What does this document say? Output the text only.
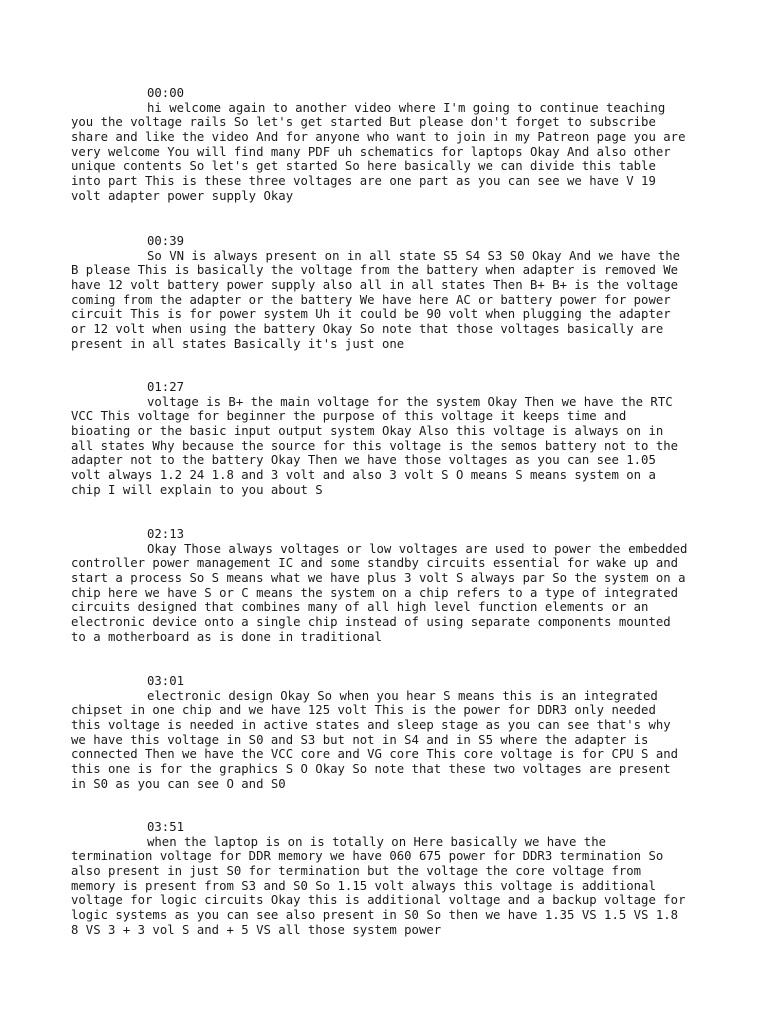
00:00
hi welcome again to another video where I'm going to continue teaching
you the voltage rails So let's get started But please don't forget to subscribe
share and like the video And for anyone who want to join in my Patreon page you are
very welcome You will find many PDF uh schematics for laptops Okay And also other
unique contents So let's get started So here basically we can divide this table
into part This is these three voltages are one part as you can see we have V 19
volt adapter power supply Okay
00:39
So VN is always present on in all state S5 S4 S3 S0 Okay And we have the
B please This is basically the voltage from the battery when adapter is removed We
have 12 volt battery power supply also all in all states Then B+ B+ is the voltage
coming from the adapter or the battery We have here AC or battery power for power
circuit This is for power system Uh it could be 90 volt when plugging the adapter
or 12 volt when using the battery Okay So note that those voltages basically are
present in all states Basically it's just one
01:27
voltage is B+ the main voltage for the system Okay Then we have the RTC
VCC This voltage for beginner the purpose of this voltage it keeps time and
bioating or the basic input output system Okay Also this voltage is always on in
all states Why because the source for this voltage is the semos battery not to the
adapter not to the battery Okay Then we have those voltages as you can see 1.05
volt always 1.2 24 1.8 and 3 volt and also 3 volt S O means S means system on a
chip I will explain to you about S
02:13
Okay Those always voltages or low voltages are used to power the embedded
controller power management IC and some standby circuits essential for wake up and
start a process So S means what we have plus 3 volt S always par So the system on a
chip here we have S or C means the system on a chip refers to a type of integrated
circuits designed that combines many of all high level function elements or an
electronic device onto a single chip instead of using separate components mounted
to a motherboard as is done in traditional
03:01
electronic design Okay So when you hear S means this is an integrated
chipset in one chip and we have 125 volt This is the power for DDR3 only needed
this voltage is needed in active states and sleep stage as you can see that's why
we have this voltage in S0 and S3 but not in S4 and in S5 where the adapter is
connected Then we have the VCC core and VG core This core voltage is for CPU S and
this one is for the graphics S O Okay So note that these two voltages are present
in S0 as you can see O and S0
03:51
when the laptop is on is totally on Here basically we have the
termination voltage for DDR memory we have 060 675 power for DDR3 termination So
also present in just S0 for termination but the voltage the core voltage from
memory is present from S3 and S0 So 1.15 volt always this voltage is additional
voltage for logic circuits Okay this is additional voltage and a backup voltage for
logic systems as you can see also present in S0 So then we have 1.35 VS 1.5 VS 1.8
8 VS 3 + 3 vol S and + 5 VS all those system power
